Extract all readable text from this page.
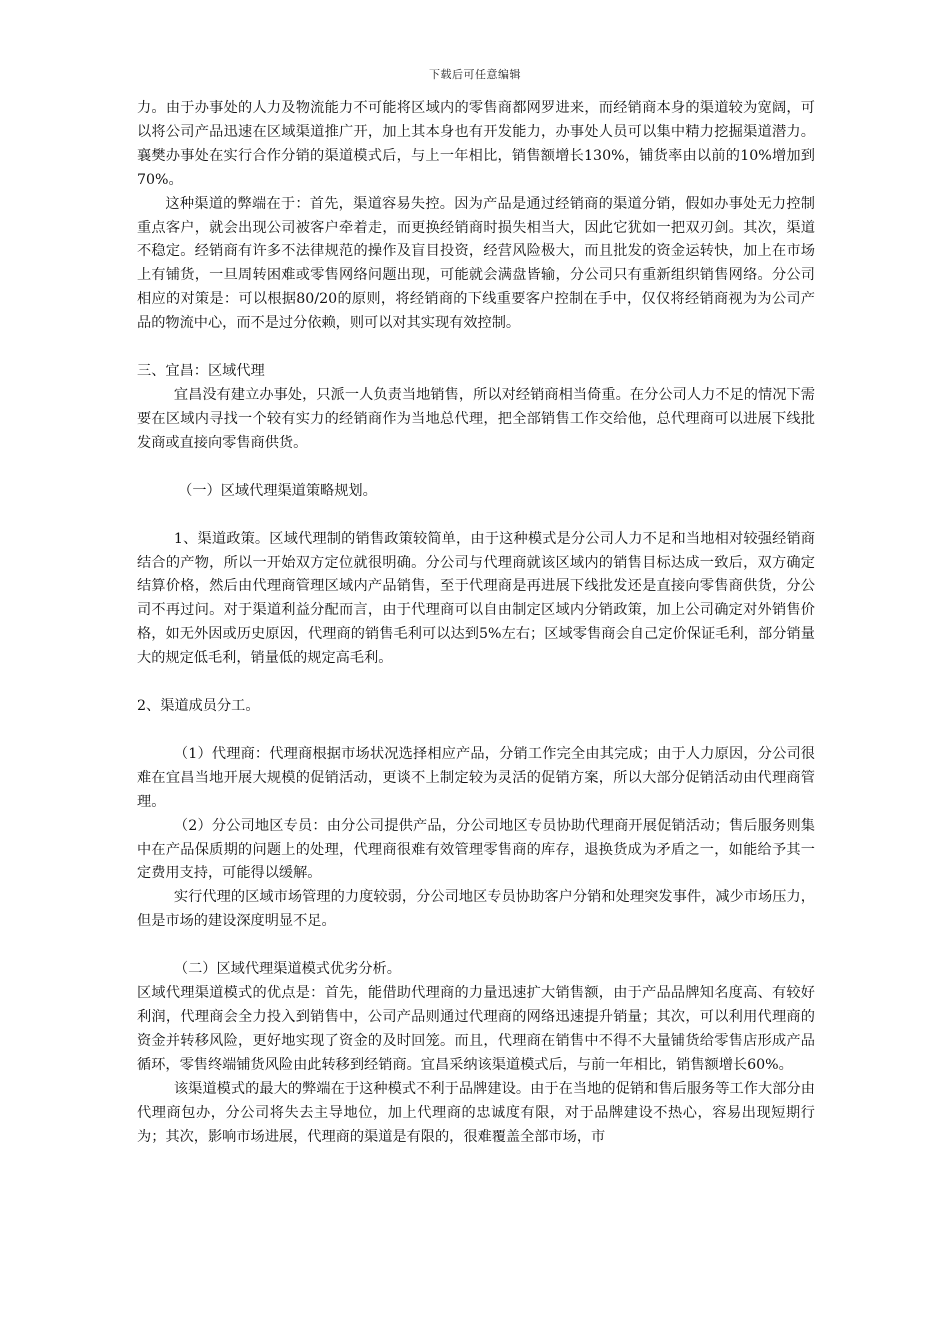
下载后可任意编辑

力。由于办事处的人力及物流能力不可能将区域内的零售商都网罗进来，而经销商本身的渠道较为宽阔，可以将公司产品迅速在区域渠道推广开，加上其本身也有开发能力，办事处人员可以集中精力挖掘渠道潜力。襄樊办事处在实行合作分销的渠道模式后，与上一年相比，销售额增长130%，铺货率由以前的10%增加到70%。

这种渠道的弊端在于：首先，渠道容易失控。因为产品是通过经销商的渠道分销，假如办事处无力控制重点客户，就会出现公司被客户牵着走，而更换经销商时损失相当大，因此它犹如一把双刃剑。其次，渠道不稳定。经销商有许多不法律规范的操作及盲目投资，经营风险极大，而且批发的资金运转快，加上在市场上有铺货，一旦周转困难或零售网络问题出现，可能就会满盘皆输，分公司只有重新组织销售网络。分公司相应的对策是：可以根据80/20的原则，将经销商的下线重要客户控制在手中，仅仅将经销商视为为公司产品的物流中心，而不是过分依赖，则可以对其实现有效控制。

三、宜昌：区域代理

宜昌没有建立办事处，只派一人负责当地销售，所以对经销商相当倚重。在分公司人力不足的情况下需要在区域内寻找一个较有实力的经销商作为当地总代理，把全部销售工作交给他，总代理商可以进展下线批发商或直接向零售商供货。

（一）区域代理渠道策略规划。

1、渠道政策。区域代理制的销售政策较简单，由于这种模式是分公司人力不足和当地相对较强经销商结合的产物，所以一开始双方定位就很明确。分公司与代理商就该区域内的销售目标达成一致后，双方确定结算价格，然后由代理商管理区域内产品销售，至于代理商是再进展下线批发还是直接向零售商供货，分公司不再过问。对于渠道利益分配而言，由于代理商可以自由制定区域内分销政策，加上公司确定对外销售价格，如无外因或历史原因，代理商的销售毛利可以达到5%左右；区域零售商会自己定价保证毛利，部分销量大的规定低毛利，销量低的规定高毛利。

2、渠道成员分工。

（1）代理商：代理商根据市场状况选择相应产品，分销工作完全由其完成；由于人力原因，分公司很难在宜昌当地开展大规模的促销活动，更谈不上制定较为灵活的促销方案，所以大部分促销活动由代理商管理。

（2）分公司地区专员：由分公司提供产品，分公司地区专员协助代理商开展促销活动；售后服务则集中在产品保质期的问题上的处理，代理商很难有效管理零售商的库存，退换货成为矛盾之一，如能给予其一定费用支持，可能得以缓解。

实行代理的区域市场管理的力度较弱，分公司地区专员协助客户分销和处理突发事件，减少市场压力，但是市场的建设深度明显不足。

（二）区域代理渠道模式优劣分析。

区域代理渠道模式的优点是：首先，能借助代理商的力量迅速扩大销售额，由于产品品牌知名度高、有较好利润，代理商会全力投入到销售中，公司产品则通过代理商的网络迅速提升销量；其次，可以利用代理商的资金并转移风险，更好地实现了资金的及时回笼。而且，代理商在销售中不得不大量铺货给零售店形成产品循环，零售终端铺货风险由此转移到经销商。宜昌采纳该渠道模式后，与前一年相比，销售额增长60%。

该渠道模式的最大的弊端在于这种模式不利于品牌建设。由于在当地的促销和售后服务等工作大部分由代理商包办，分公司将失去主导地位，加上代理商的忠诚度有限，对于品牌建设不热心，容易出现短期行为；其次，影响市场进展，代理商的渠道是有限的，很难覆盖全部市场，市
